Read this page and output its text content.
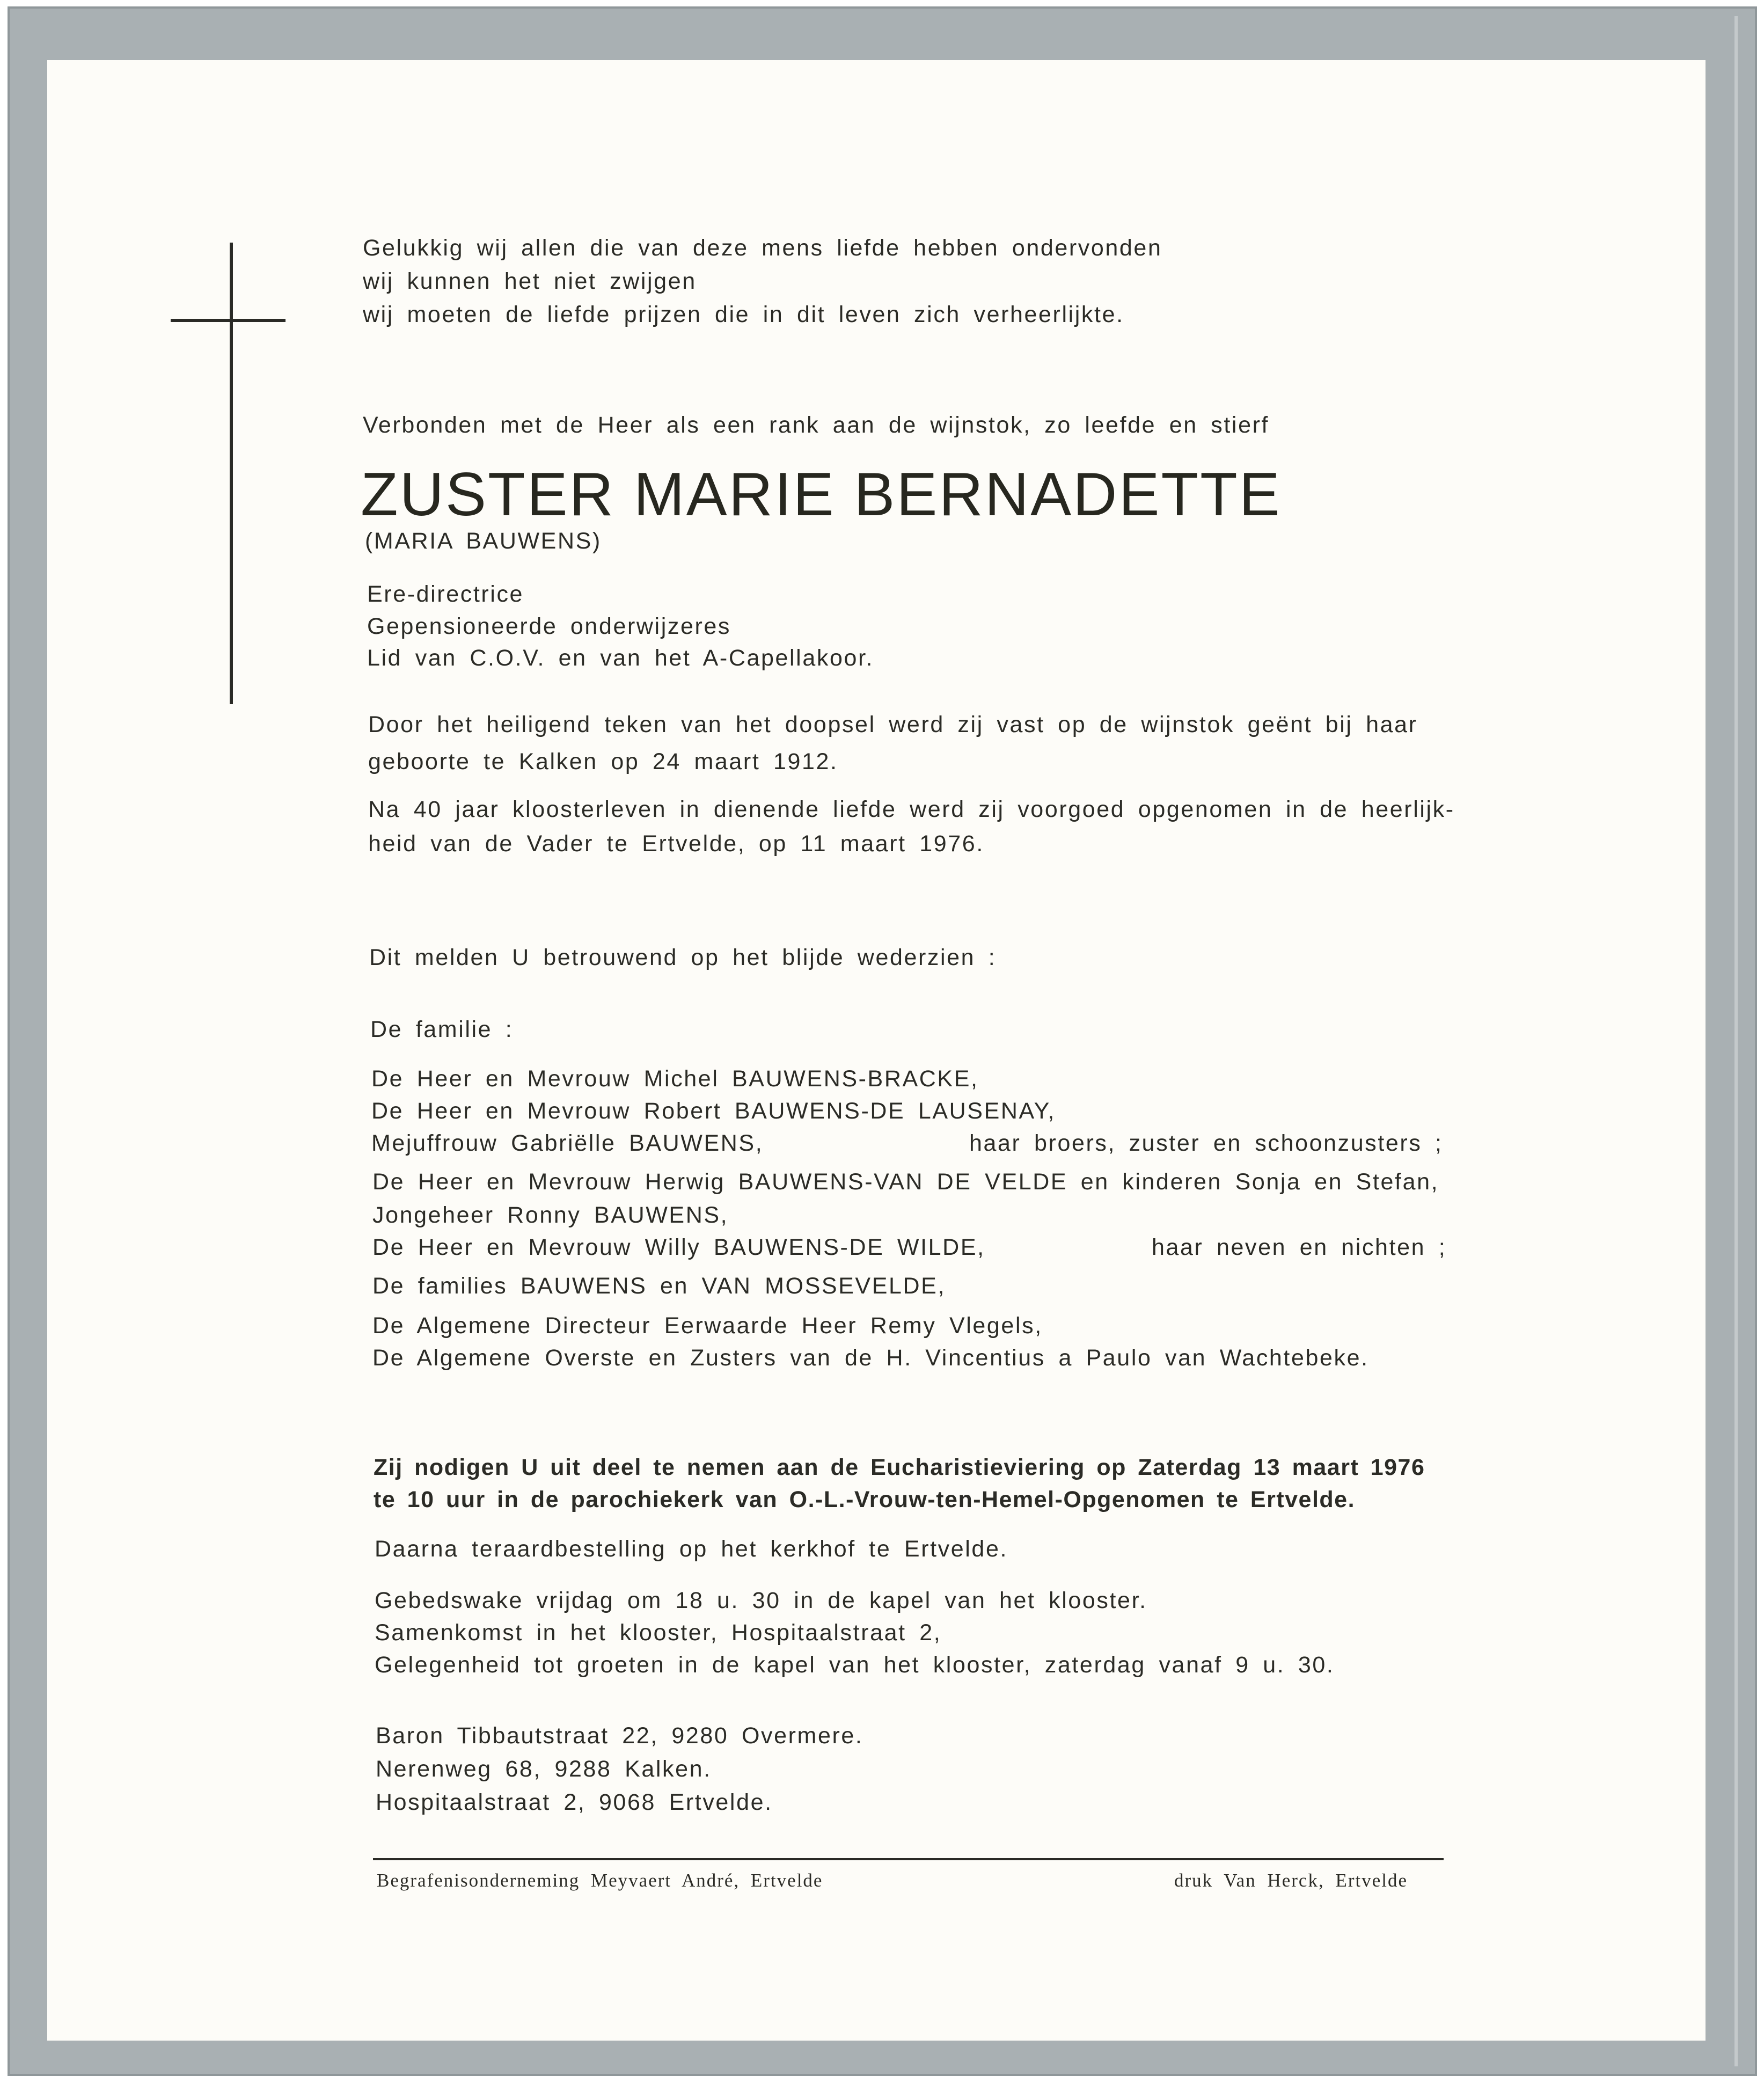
Gelukkig wij allen die van deze mens liefde hebben ondervonden
wij kunnen het niet zwijgen
wij moeten de liefde prijzen die in dit leven zich verheerlijkte.
Verbonden met de Heer als een rank aan de wijnstok, zo leefde en stierf
ZUSTER MARIE BERNADETTE
(MARIA BAUWENS)
Ere-directrice
Gepensioneerde onderwijzeres
Lid van C.O.V. en van het A-Capellakoor.
Door het heiligend teken van het doopsel werd zij vast op de wijnstok geënt bij haar
geboorte te Kalken op 24 maart 1912.
Na 40 jaar kloosterleven in dienende liefde werd zij voorgoed opgenomen in de heerlijk-
heid van de Vader te Ertvelde, op 11 maart 1976.
Dit melden U betrouwend op het blijde wederzien :
De familie :
De Heer en Mevrouw Michel BAUWENS-BRACKE,
De Heer en Mevrouw Robert BAUWENS-DE LAUSENAY,
Mejuffrouw Gabriëlle BAUWENS,	haar broers, zuster en schoonzusters ;
De Heer en Mevrouw Herwig BAUWENS-VAN DE VELDE en kinderen Sonja en Stefan,
Jongeheer Ronny BAUWENS,
De Heer en Mevrouw Willy BAUWENS-DE WILDE,	haar neven en nichten ;
De families BAUWENS en VAN MOSSEVELDE,
De Algemene Directeur Eerwaarde Heer Remy Vlegels,
De Algemene Overste en Zusters van de H. Vincentius a Paulo van Wachtebeke.
Zij nodigen U uit deel te nemen aan de Eucharistieviering op Zaterdag 13 maart 1976
te 10 uur in de parochiekerk van O.-L.-Vrouw-ten-Hemel-Opgenomen te Ertvelde.
Daarna teraardbestelling op het kerkhof te Ertvelde.
Gebedswake vrijdag om 18 u. 30 in de kapel van het klooster.
Samenkomst in het klooster, Hospitaalstraat 2,
Gelegenheid tot groeten in de kapel van het klooster, zaterdag vanaf 9 u. 30.
Baron Tibbautstraat 22, 9280 Overmere.
Nerenweg 68, 9288 Kalken.
Hospitaalstraat 2, 9068 Ertvelde.
Begrafenisonderneming Meyvaert André, Ertvelde	druk Van Herck, Ertvelde
